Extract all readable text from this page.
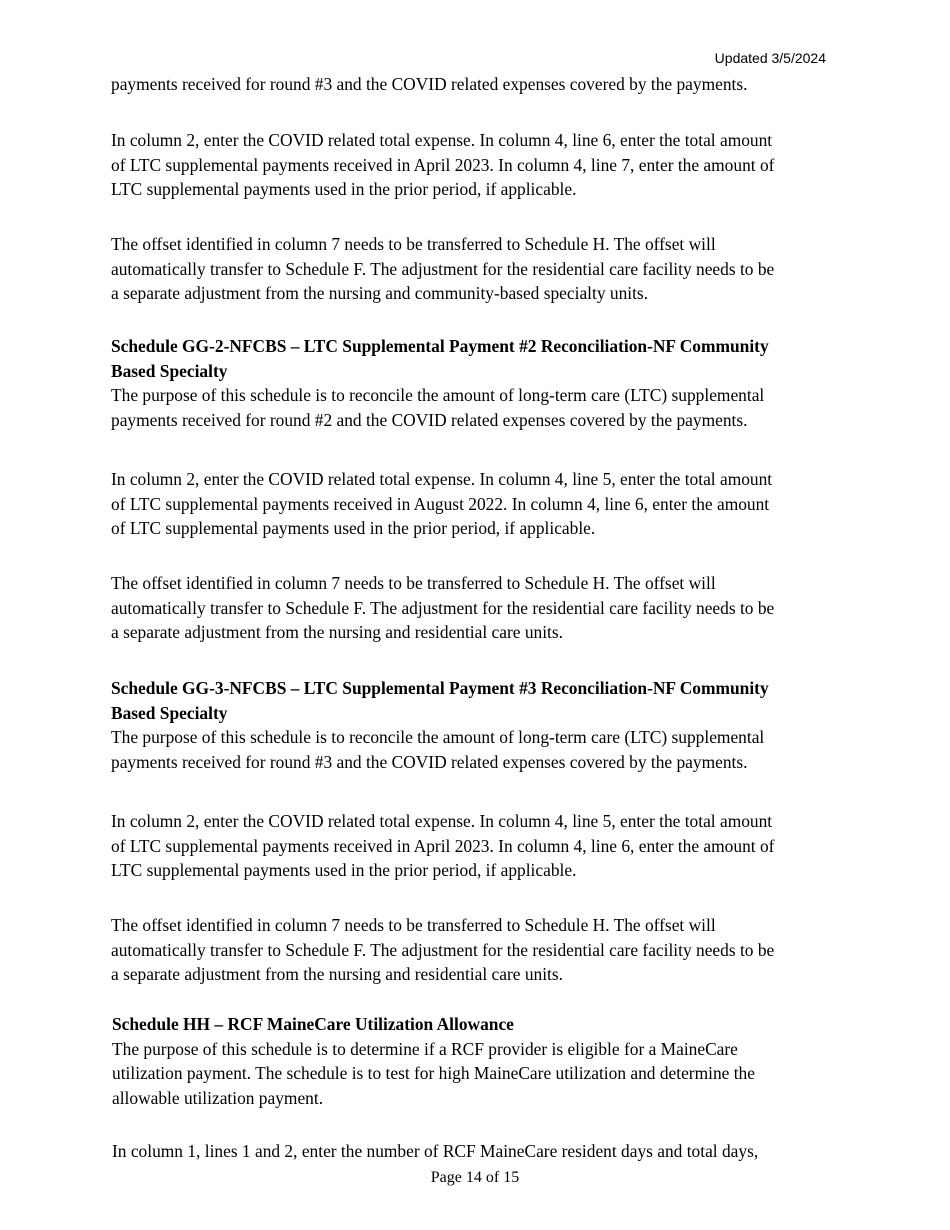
Updated 3/5/2024

payments received for round #3 and the COVID related expenses covered by the payments.

In column 2, enter the COVID related total expense. In column 4, line 6, enter the total amount

of LTC supplemental payments received in April 2023. In column 4, line 7, enter the amount of

LTC supplemental payments used in the prior period, if applicable.

The offset identified in column 7 needs to be transferred to Schedule H. The offset will

automatically transfer to Schedule F. The adjustment for the residential care facility needs to be

a separate adjustment from the nursing and community-based specialty units.

Schedule GG-2-NFCBS – LTC Supplemental Payment #2 Reconciliation-NF Community

Based Specialty

The purpose of this schedule is to reconcile the amount of long-term care (LTC) supplemental

payments received for round #2 and the COVID related expenses covered by the payments.

In column 2, enter the COVID related total expense. In column 4, line 5, enter the total amount

of LTC supplemental payments received in August 2022. In column 4, line 6, enter the amount

of LTC supplemental payments used in the prior period, if applicable.

The offset identified in column 7 needs to be transferred to Schedule H. The offset will

automatically transfer to Schedule F. The adjustment for the residential care facility needs to be

a separate adjustment from the nursing and residential care units.

Schedule GG-3-NFCBS – LTC Supplemental Payment #3 Reconciliation-NF Community

Based Specialty

The purpose of this schedule is to reconcile the amount of long-term care (LTC) supplemental

payments received for round #3 and the COVID related expenses covered by the payments.

In column 2, enter the COVID related total expense. In column 4, line 5, enter the total amount

of LTC supplemental payments received in April 2023. In column 4, line 6, enter the amount of

LTC supplemental payments used in the prior period, if applicable.

The offset identified in column 7 needs to be transferred to Schedule H. The offset will

automatically transfer to Schedule F. The adjustment for the residential care facility needs to be

a separate adjustment from the nursing and residential care units.

Schedule HH – RCF MaineCare Utilization Allowance

The purpose of this schedule is to determine if a RCF provider is eligible for a MaineCare

utilization payment. The schedule is to test for high MaineCare utilization and determine the

allowable utilization payment.

In column 1, lines 1 and 2, enter the number of RCF MaineCare resident days and total days,

Page 14 of 15
